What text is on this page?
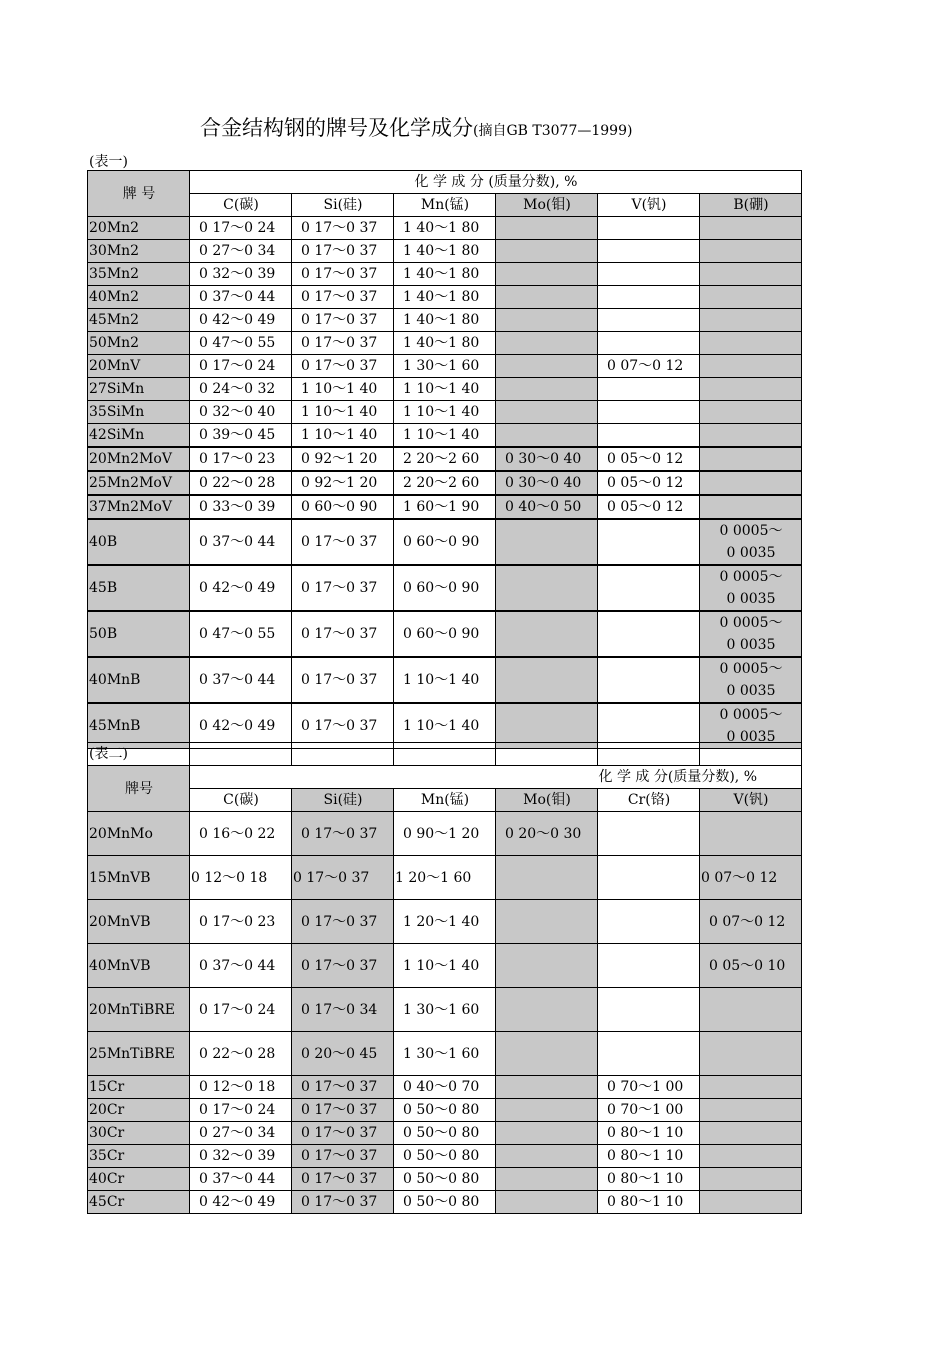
合金结构钢的牌号及化学成分(摘自GB T3077—1999)
(表一)
牌 号	化 学 成 分 (质量分数), %					
	C(碳)	Si(硅)	Mn(锰)	Mo(钼)	V(钒)	B(硼)
20Mn2	0 17～0 24	0 17～0 37	1 40～1 80			
30Mn2	0 27～0 34	0 17～0 37	1 40～1 80			
35Mn2	0 32～0 39	0 17～0 37	1 40～1 80			
40Mn2	0 37～0 44	0 17～0 37	1 40～1 80			
45Mn2	0 42～0 49	0 17～0 37	1 40～1 80			
50Mn2	0 47～0 55	0 17～0 37	1 40～1 80			
20MnV	0 17～0 24	0 17～0 37	1 30～1 60		0 07～0 12	
27SiMn	0 24～0 32	1 10～1 40	1 10～1 40			
35SiMn	0 32～0 40	1 10～1 40	1 10～1 40			
42SiMn	0 39～0 45	1 10～1 40	1 10～1 40			
20Mn2MoV	0 17～0 23	0 92～1 20	2 20～2 60	0 30～0 40	0 05～0 12	
25Mn2MoV	0 22～0 28	0 92～1 20	2 20～2 60	0 30～0 40	0 05～0 12	
37Mn2MoV	0 33～0 39	0 60～0 90	1 60～1 90	0 40～0 50	0 05～0 12	
40B	0 37～0 44	0 17～0 37	0 60～0 90			0 0005～
0 0035
45B	0 42～0 49	0 17～0 37	0 60～0 90			0 0005～
0 0035
50B	0 47～0 55	0 17～0 37	0 60～0 90			0 0005～
0 0035
40MnB	0 37～0 44	0 17～0 37	1 10～1 40			0 0005～
0 0035
45MnB	0 42～0 49	0 17～0 37	1 10～1 40			0 0005～
0 0035
(表二)						
牌号	化 学 成 分(质量分数), %					
	C(碳)	Si(硅)	Mn(锰)	Mo(钼)	Cr(铬)	V(钒)
20MnMo	0 16～0 22	0 17～0 37	0 90～1 20	0 20～0 30		
15MnVB	0 12～0 18	0 17～0 37	1 20～1 60			0 07～0 12
20MnVB	0 17～0 23	0 17～0 37	1 20～1 40			0 07～0 12
40MnVB	0 37～0 44	0 17～0 37	1 10～1 40			0 05～0 10
20MnTiBRE	0 17～0 24	0 17～0 34	1 30～1 60			
25MnTiBRE	0 22～0 28	0 20～0 45	1 30～1 60			
15Cr	0 12～0 18	0 17～0 37	0 40～0 70		0 70～1 00	
20Cr	0 17～0 24	0 17～0 37	0 50～0 80		0 70～1 00	
30Cr	0 27～0 34	0 17～0 37	0 50～0 80		0 80～1 10	
35Cr	0 32～0 39	0 17～0 37	0 50～0 80		0 80～1 10	
40Cr	0 37～0 44	0 17～0 37	0 50～0 80		0 80～1 10	
45Cr	0 42～0 49	0 17～0 37	0 50～0 80		0 80～1 10	
